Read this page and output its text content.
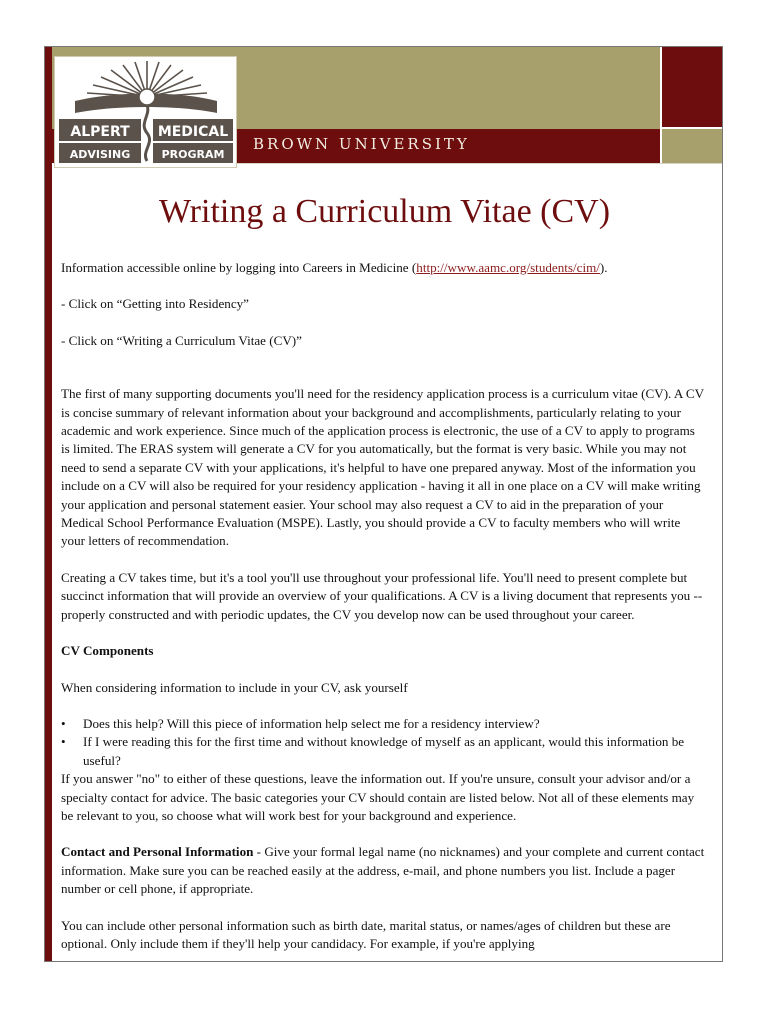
ALPERT MEDICAL
ADVISING	PROGRAM
BROWN UNIVERSITY
Writing a Curriculum Vitae (CV)

Information accessible online by logging into Careers in Medicine (http://www.aamc.org/students/cim/).

- Click on “Getting into Residency”

- Click on “Writing a Curriculum Vitae (CV)”

The first of many supporting documents you'll need for the residency application process is a curriculum vitae (CV). A CV is concise summary of relevant information about your background and accomplishments, particularly relating to your academic and work experience. Since much of the application process is electronic, the use of a CV to apply to programs is limited. The ERAS system will generate a CV for you automatically, but the format is very basic. While you may not need to send a separate CV with your applications, it's helpful to have one prepared anyway. Most of the information you include on a CV will also be required for your residency application - having it all in one place on a CV will make writing your application and personal statement easier. Your school may also request a CV to aid in the preparation of your Medical School Performance Evaluation (MSPE). Lastly, you should provide a CV to faculty members who will write your letters of recommendation.

Creating a CV takes time, but it's a tool you'll use throughout your professional life. You'll need to present complete but succinct information that will provide an overview of your qualifications. A CV is a living document that represents you -- properly constructed and with periodic updates, the CV you develop now can be used throughout your career.

CV Components

When considering information to include in your CV, ask yourself

• Does this help? Will this piece of information help select me for a residency interview?
• If I were reading this for the first time and without knowledge of myself as an applicant, would this information be useful?

If you answer "no" to either of these questions, leave the information out. If you're unsure, consult your advisor and/or a specialty contact for advice. The basic categories your CV should contain are listed below. Not all of these elements may be relevant to you, so choose what will work best for your background and experience.

Contact and Personal Information - Give your formal legal name (no nicknames) and your complete and current contact information. Make sure you can be reached easily at the address, e-mail, and phone numbers you list. Include a pager number or cell phone, if appropriate.

You can include other personal information such as birth date, marital status, or names/ages of children but these are optional. Only include them if they'll help your candidacy. For example, if you're applying
